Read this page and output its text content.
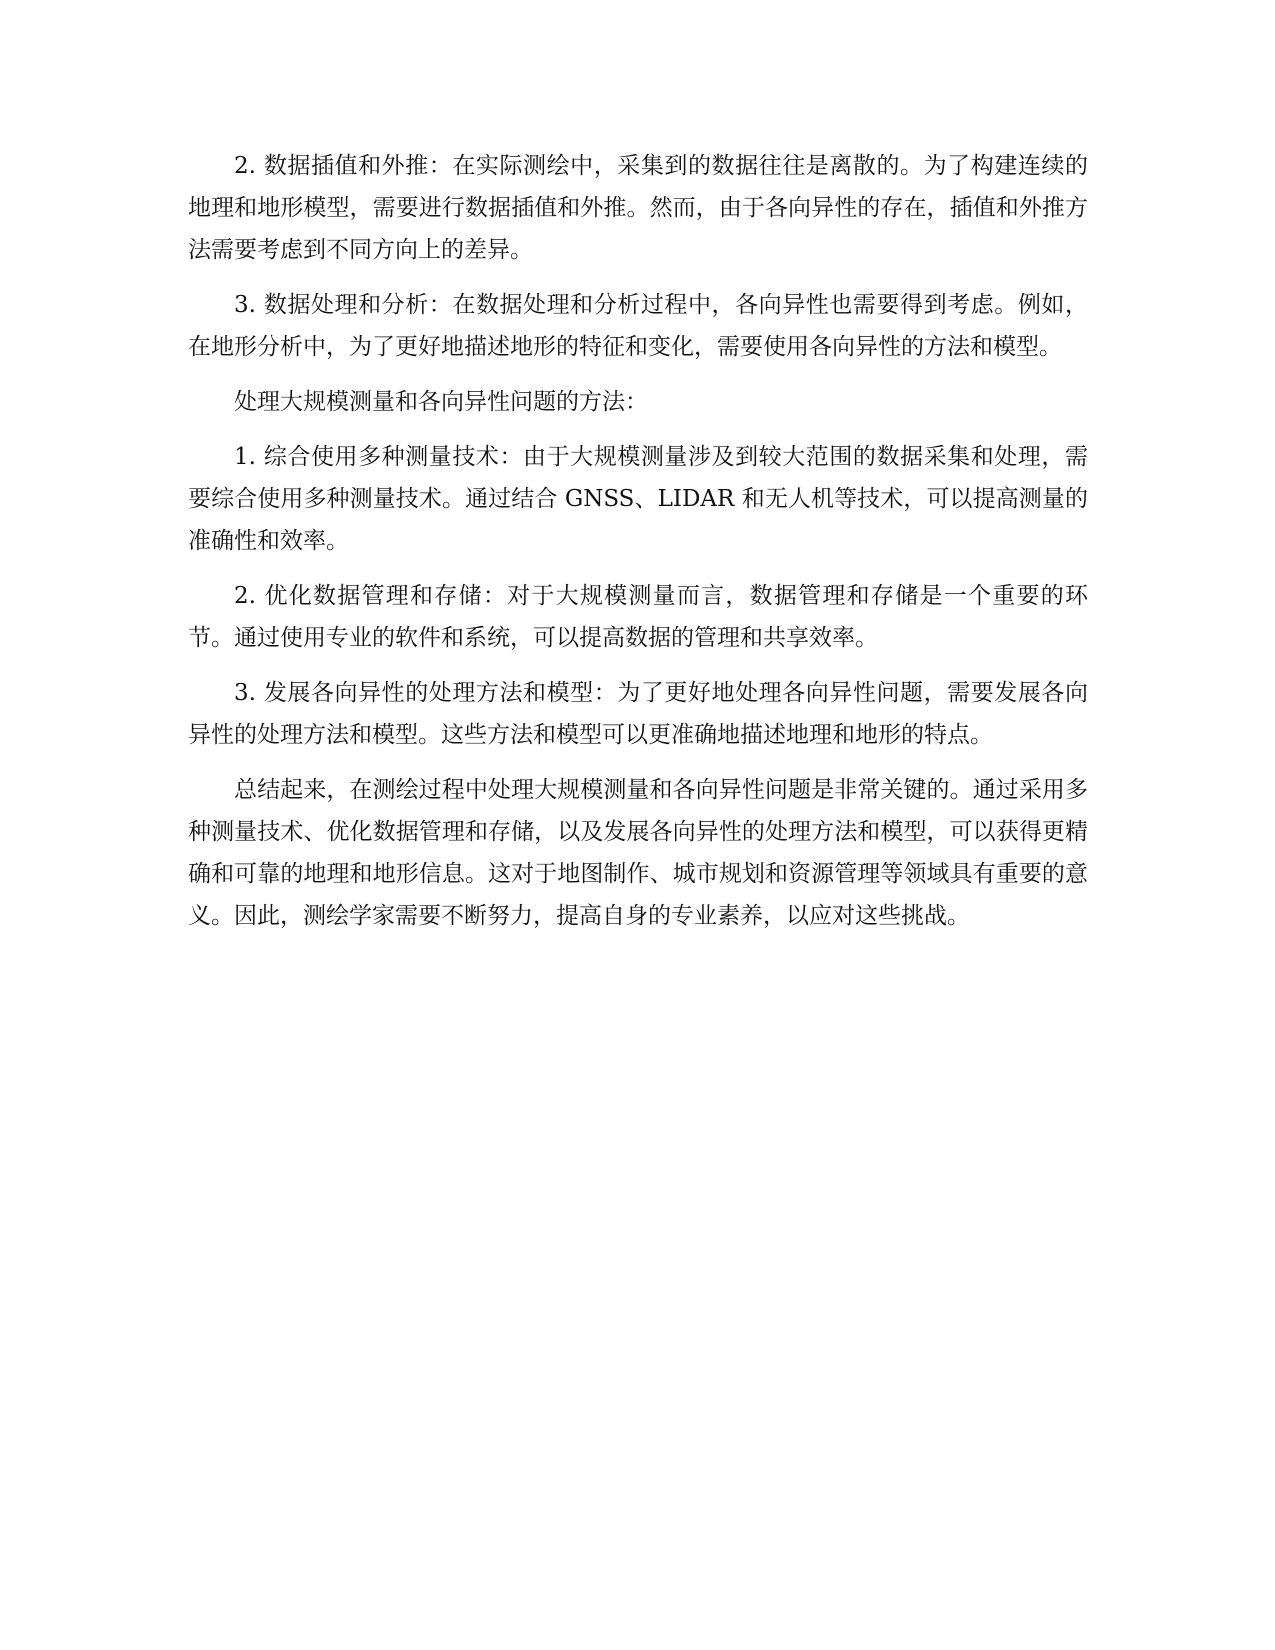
2. 数据插值和外推：在实际测绘中，采集到的数据往往是离散的。为了构建连续的地理和地形模型，需要进行数据插值和外推。然而，由于各向异性的存在，插值和外推方法需要考虑到不同方向上的差异。

3. 数据处理和分析：在数据处理和分析过程中，各向异性也需要得到考虑。例如，在地形分析中，为了更好地描述地形的特征和变化，需要使用各向异性的方法和模型。

处理大规模测量和各向异性问题的方法：

1. 综合使用多种测量技术：由于大规模测量涉及到较大范围的数据采集和处理，需要综合使用多种测量技术。通过结合 GNSS、LIDAR 和无人机等技术，可以提高测量的准确性和效率。

2. 优化数据管理和存储：对于大规模测量而言，数据管理和存储是一个重要的环节。通过使用专业的软件和系统，可以提高数据的管理和共享效率。

3. 发展各向异性的处理方法和模型：为了更好地处理各向异性问题，需要发展各向异性的处理方法和模型。这些方法和模型可以更准确地描述地理和地形的特点。

总结起来，在测绘过程中处理大规模测量和各向异性问题是非常关键的。通过采用多种测量技术、优化数据管理和存储，以及发展各向异性的处理方法和模型，可以获得更精确和可靠的地理和地形信息。这对于地图制作、城市规划和资源管理等领域具有重要的意义。因此，测绘学家需要不断努力，提高自身的专业素养，以应对这些挑战。
